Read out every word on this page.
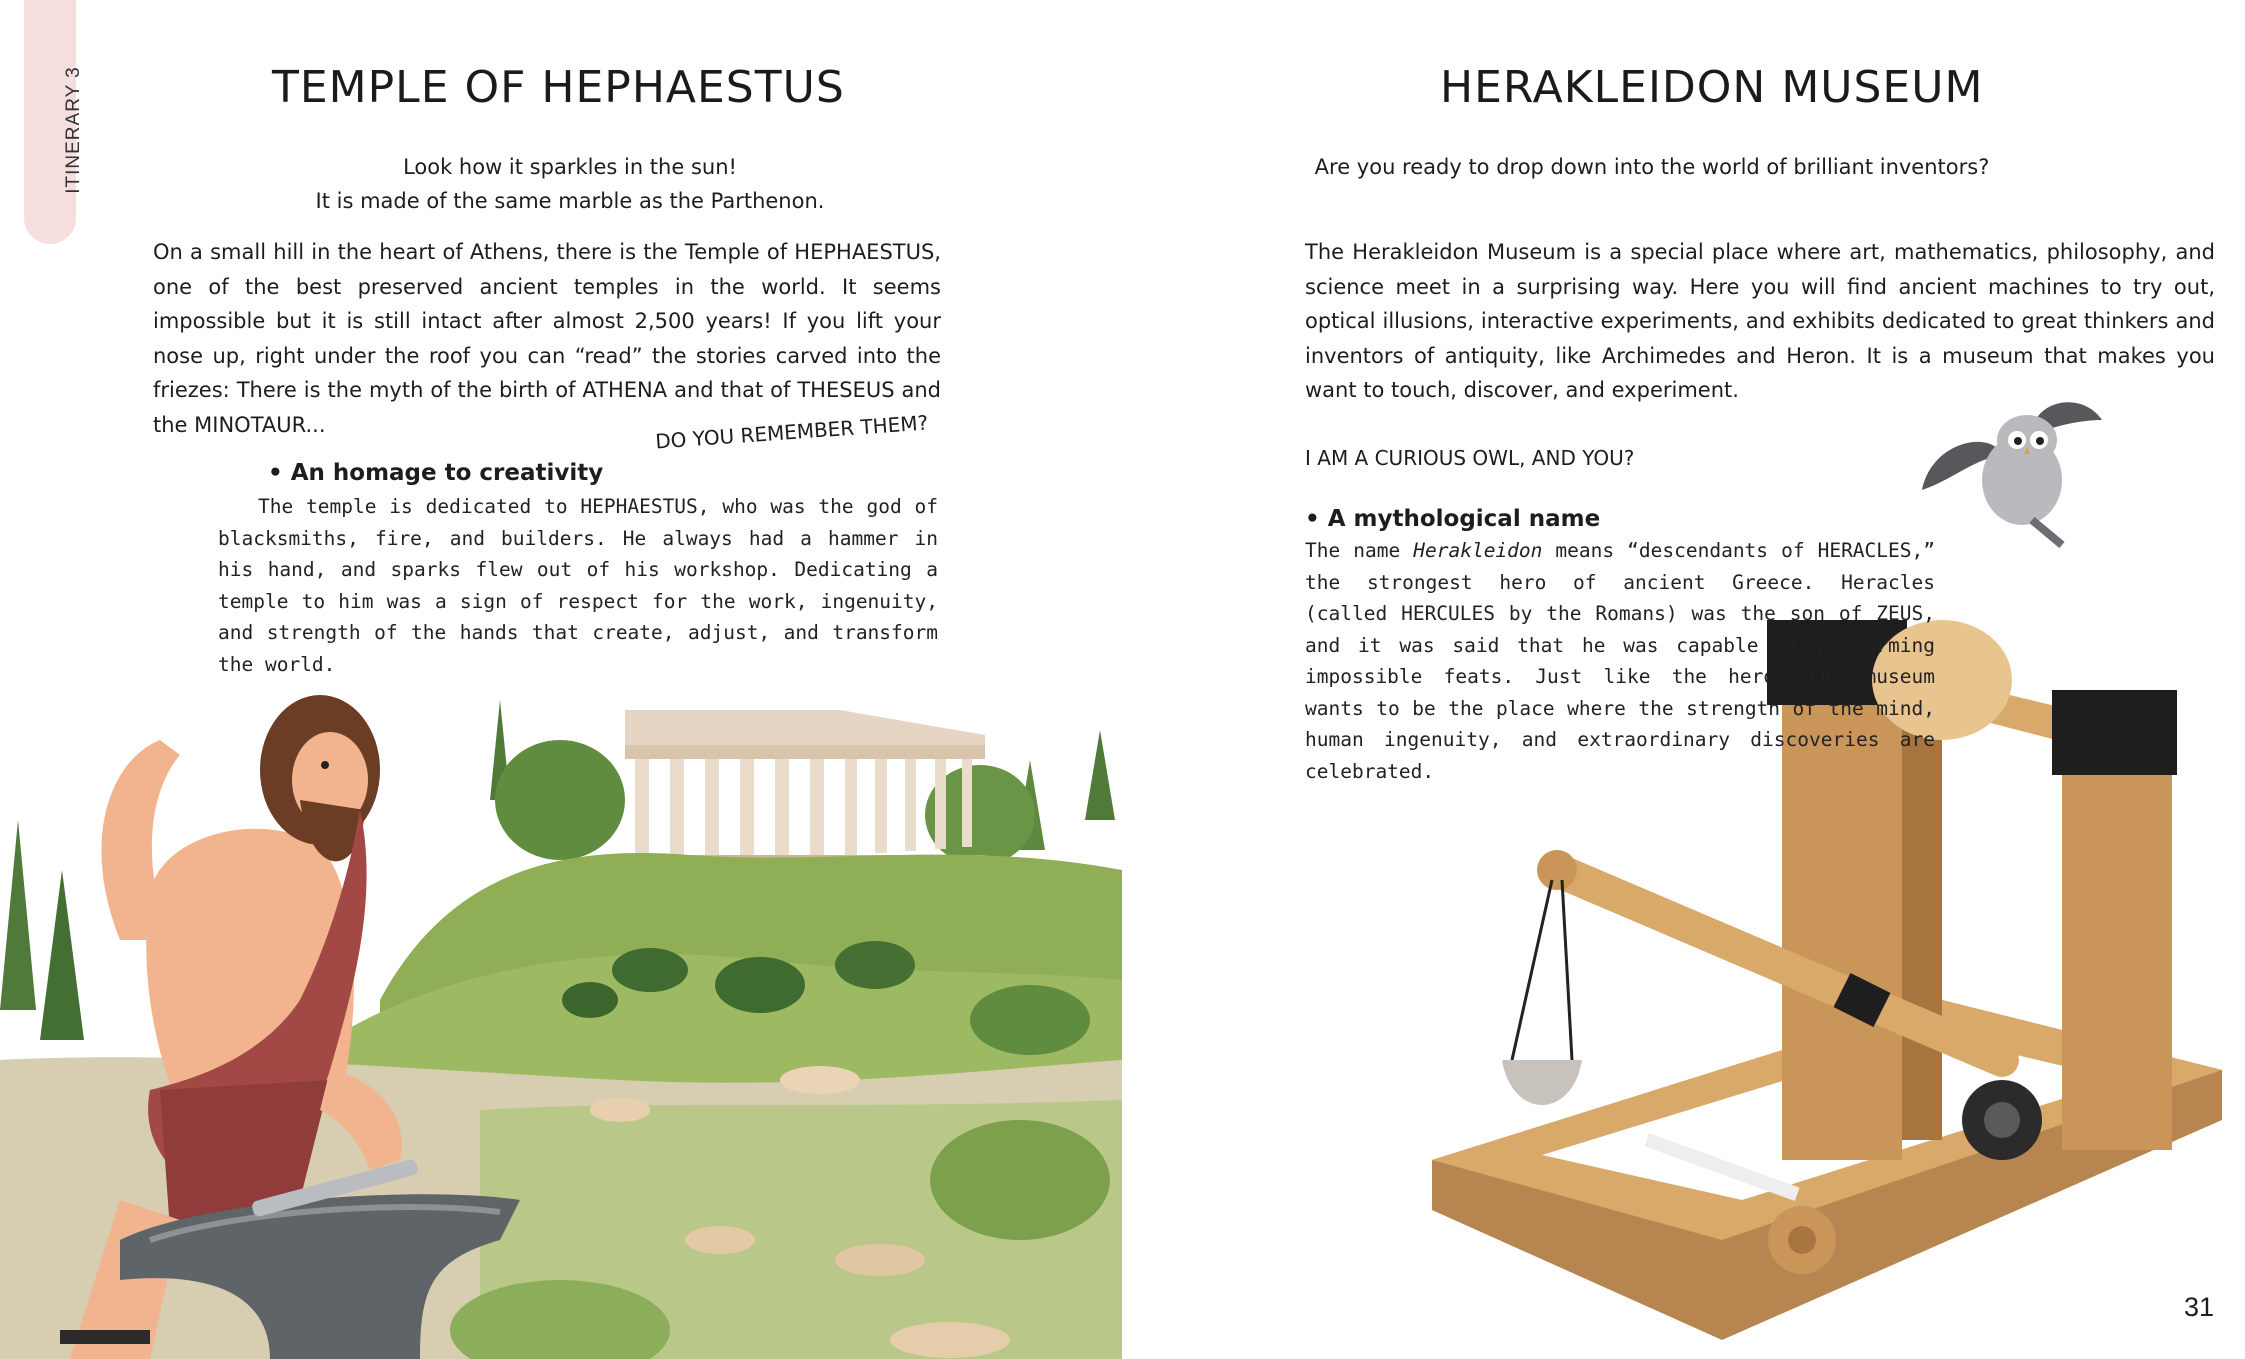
ITINERARY 3	TEMPLE OF HEPHAESTUS
Look how it sparkles in the sun!
It is made of the same marble as the Parthenon.

On a small hill in the heart of Athens, there is the Temple of HEPHAESTUS, one of the best preserved ancient temples in the world. It seems impossible but it is still intact after almost 2,500 years! If you lift your nose up, right under the roof you can “read” the stories carved into the friezes: There is the myth of the birth of ATHENA and that of THESEUS and the MINOTAUR...	DO YOU REMEMBER THEM?
• An homage to creativity

The temple is dedicated to HEPHAESTUS, who was the god of blacksmiths, fire, and builders. He always had a hammer in his hand, and sparks flew out of his workshop. Dedicating a temple to him was a sign of respect for the work, ingenuity, and strength of the hands that create, adjust, and transform the world.

HERAKLEIDON MUSEUM

Are you ready to drop down into the world of brilliant inventors?

The Herakleidon Museum is a special place where art, mathematics, philosophy, and science meet in a surprising way. Here you will find ancient machines to try out, optical illusions, interactive experiments, and exhibits dedicated to great thinkers and inventors of antiquity, like Archimedes and Heron. It is a museum that makes you want to touch, discover, and experiment.

I AM A CURIOUS OWL, AND YOU?
• A mythological name

The name Herakleidon means “descendants of HERACLES,” the strongest hero of ancient Greece. Heracles (called HERCULES by the Romans) was the son of ZEUS, and it was said that he was capable of performing impossible feats. Just like the hero, the museum wants to be the place where the strength of the mind, human ingenuity, and extraordinary discoveries are celebrated.

31
